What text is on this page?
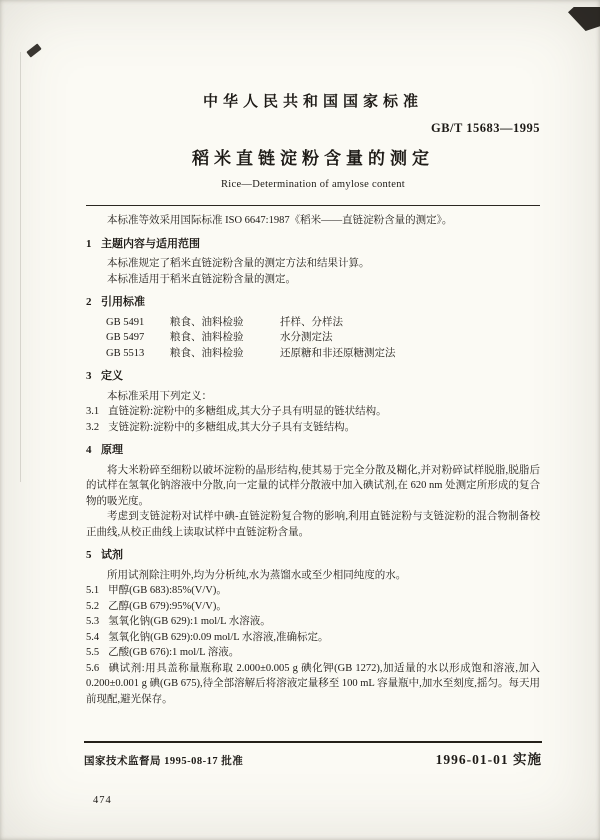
中华人民共和国国家标准
GB/T 15683—1995
稻米直链淀粉含量的测定
Rice—Determination of amylose content

本标准等效采用国际标准 ISO 6647:1987《稻米——直链淀粉含量的测定》。

1 主题内容与适用范围

本标准规定了稻米直链淀粉含量的测定方法和结果计算。

本标准适用于稻米直链淀粉含量的测定。

2 引用标准
GB 5491 粮食、油料检验	扦样、分样法
GB 5497 粮食、油料检验	水分测定法
GB 5513 粮食、油料检验	还原糖和非还原糖测定法
3 定义

本标准采用下列定义：

3.1 直链淀粉:淀粉中的多糖组成,其大分子具有明显的链状结构。

3.2 支链淀粉:淀粉中的多糖组成,其大分子具有支链结构。

4 原理

将大米粉碎至细粉以破坏淀粉的晶形结构,使其易于完全分散及糊化,并对粉碎试样脱脂,脱脂后的试样在氢氧化钠溶液中分散,向一定量的试样分散液中加入碘试剂,在 620 nm 处测定所形成的复合物的吸光度。

考虑到支链淀粉对试样中碘-直链淀粉复合物的影响,利用直链淀粉与支链淀粉的混合物制备校正曲线,从校正曲线上读取试样中直链淀粉含量。

5 试剂

所用试剂除注明外,均为分析纯,水为蒸馏水或至少相同纯度的水。

5.1 甲醇(GB 683):85%(V/V)。

5.2 乙醇(GB 679):95%(V/V)。

5.3 氢氧化钠(GB 629):1 mol/L 水溶液。

5.4 氢氧化钠(GB 629):0.09 mol/L 水溶液,准确标定。

5.5 乙酸(GB 676):1 mol/L 溶液。

5.6 碘试剂:用具盖称量瓶称取 2.000±0.005 g 碘化钾(GB 1272),加适量的水以形成饱和溶液,加入 0.200±0.001 g 碘(GB 675),待全部溶解后将溶液定量移至 100 mL 容量瓶中,加水至刻度,摇匀。每天用前现配,避光保存。

国家技术监督局 1995-08-17 批准	1996-01-01 实施
474
